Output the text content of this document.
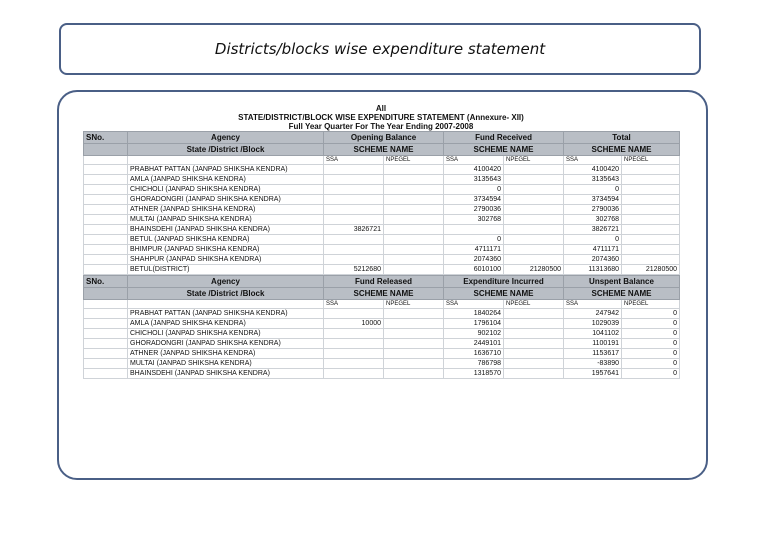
Districts/blocks wise expenditure statement
All
STATE/DISTRICT/BLOCK WISE EXPENDITURE STATEMENT (Annexure- XII)
Full Year Quarter For The Year Ending 2007-2008
SNo.	Agency	Opening Balance		Fund Received		Total	
	State /District /Block	SCHEME NAME		SCHEME NAME		SCHEME NAME	
		SSA	NPEGEL	SSA	NPEGEL	SSA	NPEGEL
	PRABHAT PATTAN (JANPAD SHIKSHA KENDRA)			4100420		4100420	
	AMLA (JANPAD SHIKSHA KENDRA)			3135643		3135643	
	CHICHOLI (JANPAD SHIKSHA KENDRA)			0		0	
	GHORADONGRI (JANPAD SHIKSHA KENDRA)			3734594		3734594	
	ATHNER (JANPAD SHIKSHA KENDRA)			2790036		2790036	
	MULTAI (JANPAD SHIKSHA KENDRA)			302768		302768	
	BHAINSDEHI (JANPAD SHIKSHA KENDRA)	3826721				3826721	
	BETUL (JANPAD SHIKSHA KENDRA)			0		0	
	BHIMPUR (JANPAD SHIKSHA KENDRA)			4711171		4711171	
	SHAHPUR (JANPAD SHIKSHA KENDRA)			2074360		2074360	
	BETUL(DISTRICT)	5212680		6010100	21280500	11313680	21280500
SNo.	Agency	Fund Released		Expenditure Incurred		Unspent Balance	
	State /District /Block	SCHEME NAME		SCHEME NAME		SCHEME NAME	
		SSA	NPEGEL	SSA	NPEGEL	SSA	NPEGEL
	PRABHAT PATTAN (JANPAD SHIKSHA KENDRA)			1840264		247942	0
	AMLA (JANPAD SHIKSHA KENDRA)	10000		1796104		1029039	0
	CHICHOLI (JANPAD SHIKSHA KENDRA)			902102		1041102	0
	GHORADONGRI (JANPAD SHIKSHA KENDRA)			2449101		1100191	0
	ATHNER (JANPAD SHIKSHA KENDRA)			1636710		1153617	0
	MULTAI (JANPAD SHIKSHA KENDRA)			786798		-83890	0
	BHAINSDEHI (JANPAD SHIKSHA KENDRA)			1318570		1957641	0
